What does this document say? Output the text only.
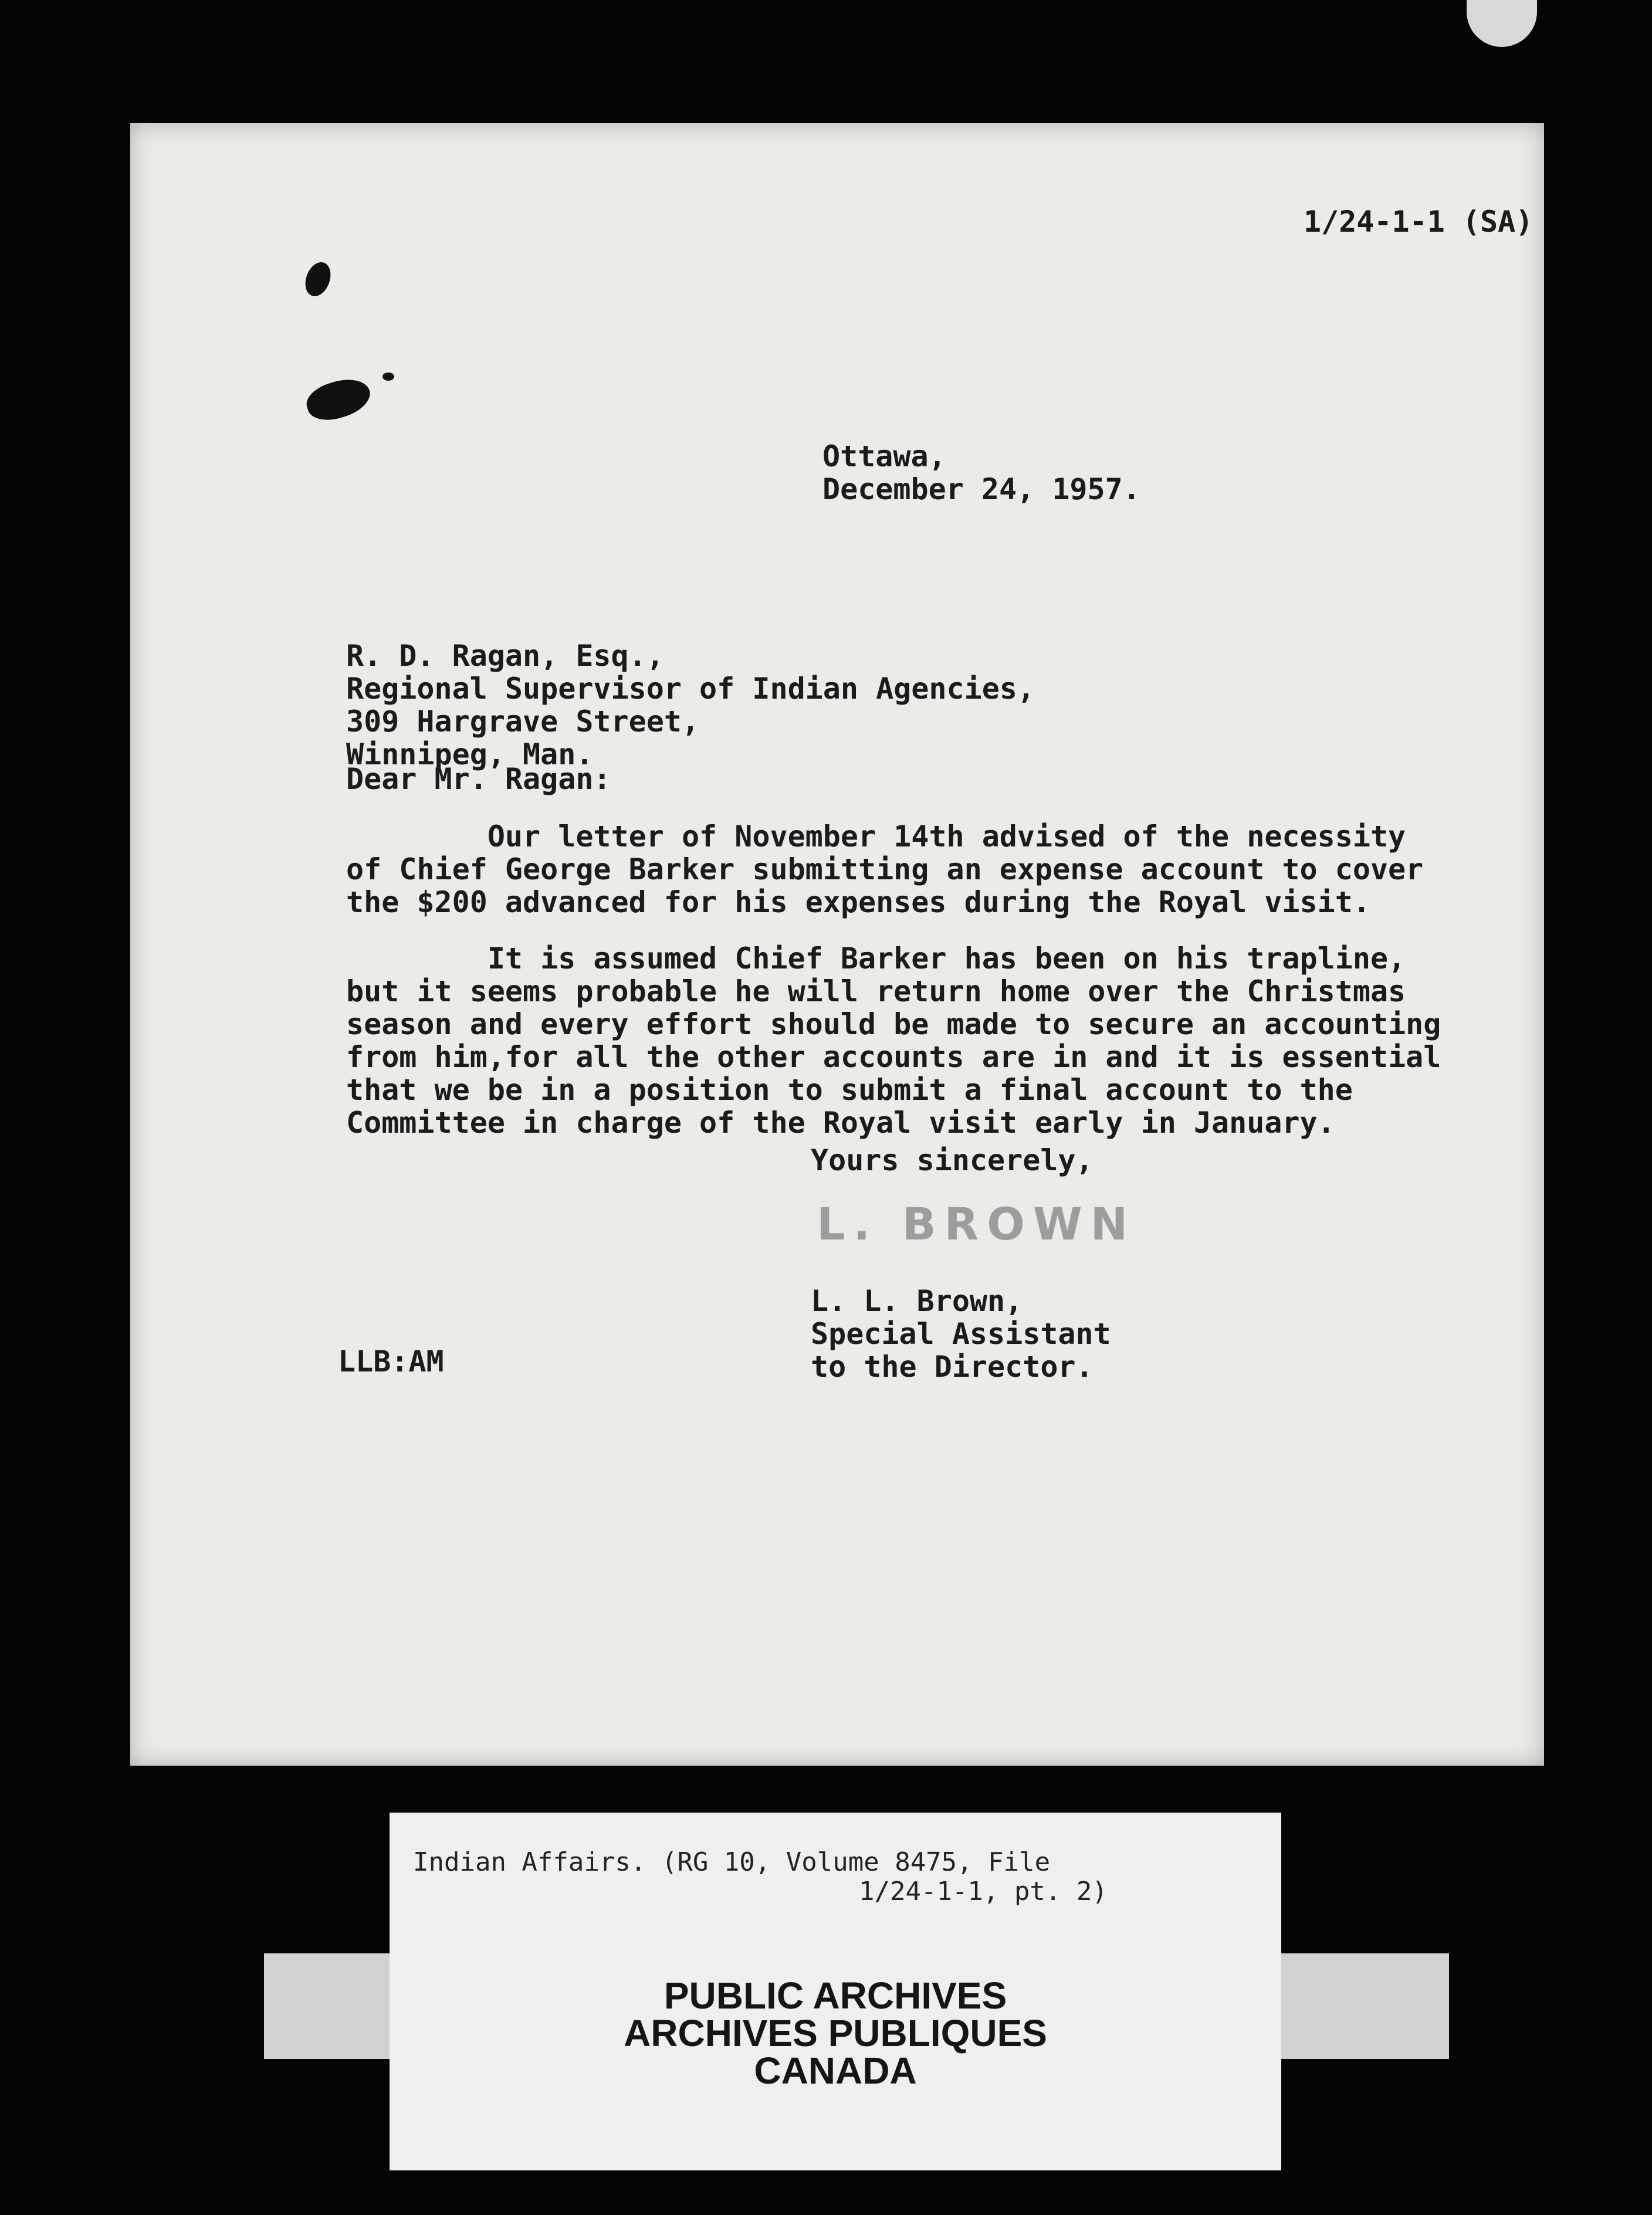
1/24-1-1 (SA)
Ottawa,
December 24, 1957.
R. D. Ragan, Esq.,
Regional Supervisor of Indian Agencies,
309 Hargrave Street,
Winnipeg, Man.
Dear Mr. Ragan:
Our letter of November 14th advised of the necessity
of Chief George Barker submitting an expense account to cover
the $200 advanced for his expenses during the Royal visit.
It is assumed Chief Barker has been on his trapline,
but it seems probable he will return home over the Christmas
season and every effort should be made to secure an accounting
from him,for all the other accounts are in and it is essential
that we be in a position to submit a final account to the
Committee in charge of the Royal visit early in January.
Yours sincerely,
L. BROWN
L. L. Brown,
Special Assistant
to the Director.
LLB:AM
Indian Affairs. (RG 10, Volume 8475, File
1/24-1-1, pt. 2)
PUBLIC ARCHIVES
ARCHIVES PUBLIQUES
CANADA
